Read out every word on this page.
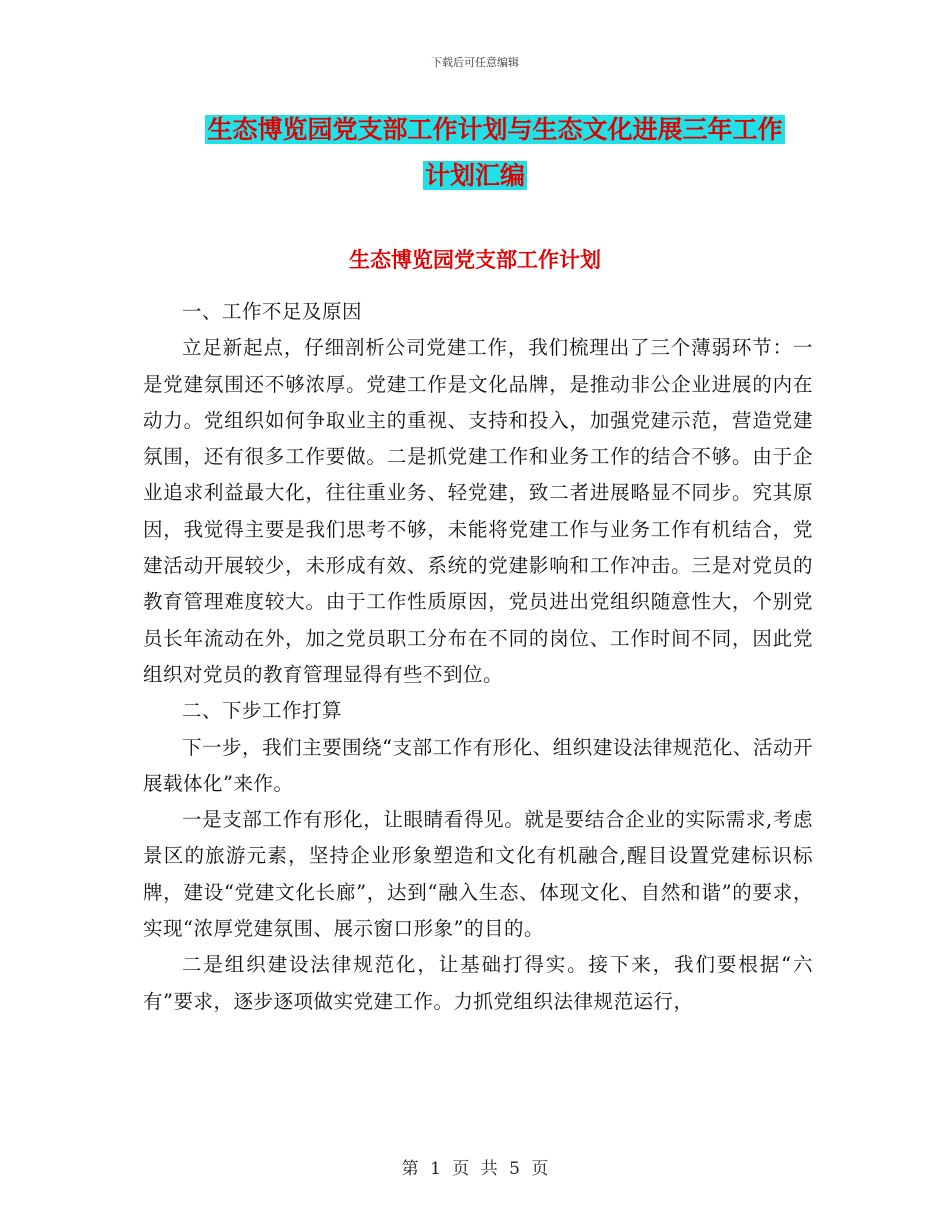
下载后可任意编辑
生态博览园党支部工作计划与生态文化进展三年工作
计划汇编
生态博览园党支部工作计划

一、工作不足及原因

立足新起点，仔细剖析公司党建工作，我们梳理出了三个薄弱环节：一是党建氛围还不够浓厚。党建工作是文化品牌，是推动非公企业进展的内在动力。党组织如何争取业主的重视、支持和投入，加强党建示范，营造党建氛围，还有很多工作要做。二是抓党建工作和业务工作的结合不够。由于企业追求利益最大化，往往重业务、轻党建，致二者进展略显不同步。究其原因，我觉得主要是我们思考不够，未能将党建工作与业务工作有机结合，党建活动开展较少，未形成有效、系统的党建影响和工作冲击。三是对党员的教育管理难度较大。由于工作性质原因，党员进出党组织随意性大，个别党员长年流动在外，加之党员职工分布在不同的岗位、工作时间不同，因此党组织对党员的教育管理显得有些不到位。

二、下步工作打算

下一步，我们主要围绕“支部工作有形化、组织建设法律规范化、活动开展载体化”来作。

一是支部工作有形化，让眼睛看得见。就是要结合企业的实际需求,考虑景区的旅游元素，坚持企业形象塑造和文化有机融合,醒目设置党建标识标牌，建设“党建文化长廊”，达到“融入生态、体现文化、自然和谐”的要求，实现“浓厚党建氛围、展示窗口形象”的目的。

二是组织建设法律规范化，让基础打得实。接下来，我们要根据“六有”要求，逐步逐项做实党建工作。力抓党组织法律规范运行，

第 1 页 共 5 页
